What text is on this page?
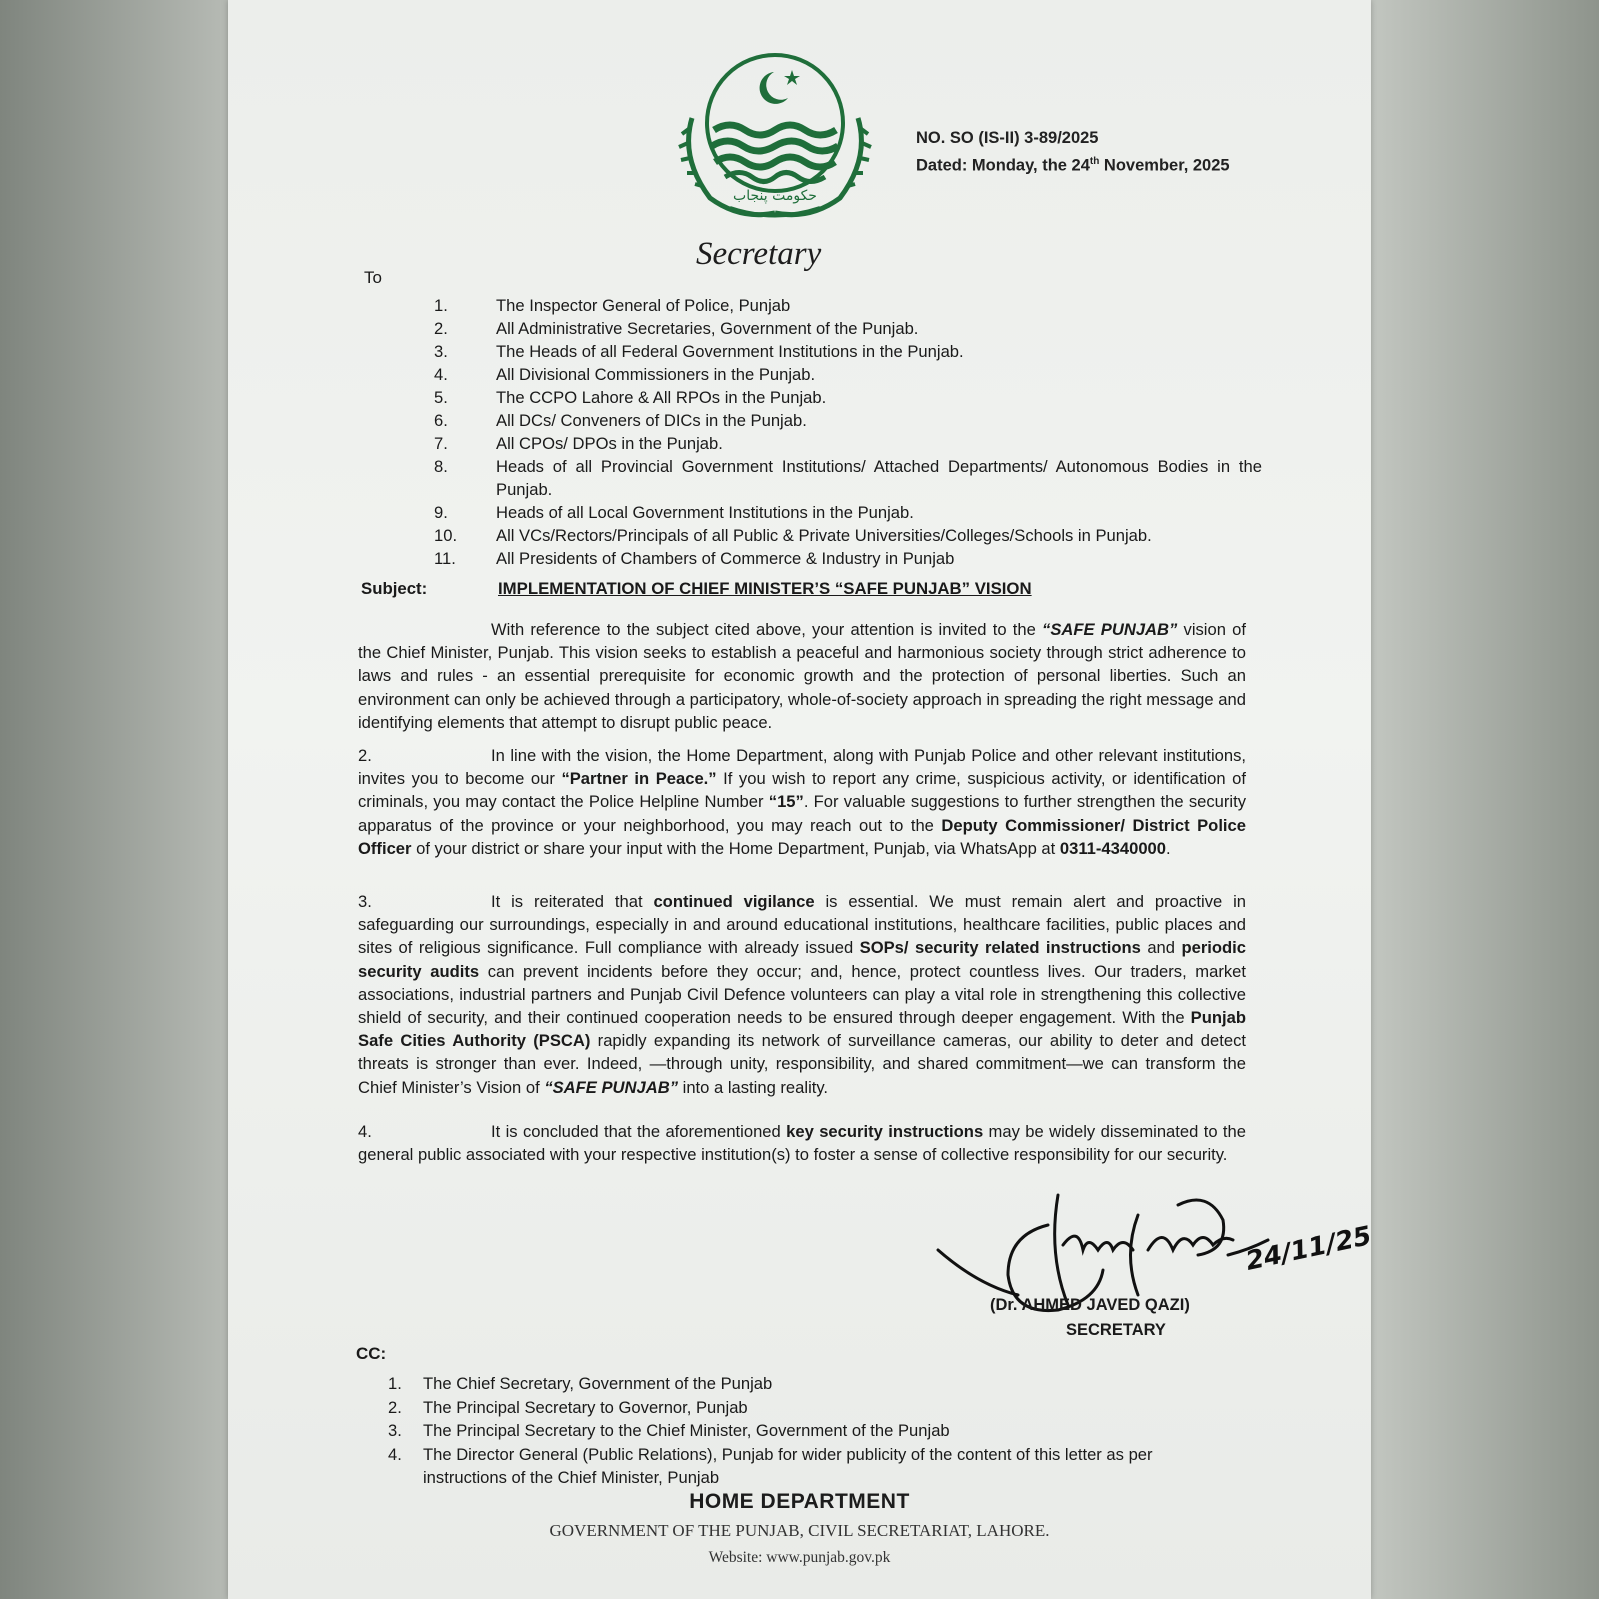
حکومت پنجاب
NO. SO (IS-II) 3-89/2025
Dated: Monday, the 24th November, 2025
Secretary
To
1.	The Inspector General of Police, Punjab
2.	All Administrative Secretaries, Government of the Punjab.
3.	The Heads of all Federal Government Institutions in the Punjab.
4.	All Divisional Commissioners in the Punjab.
5.	The CCPO Lahore & All RPOs in the Punjab.
6.	All DCs/ Conveners of DICs in the Punjab.
7.	All CPOs/ DPOs in the Punjab.
8.	Heads of all Provincial Government Institutions/ Attached Departments/ Autonomous Bodies in the Punjab.
9.	Heads of all Local Government Institutions in the Punjab.
10.	All VCs/Rectors/Principals of all Public & Private Universities/Colleges/Schools in Punjab.
11.	All Presidents of Chambers of Commerce & Industry in Punjab
Subject:	IMPLEMENTATION OF CHIEF MINISTER’S “SAFE PUNJAB” VISION

With reference to the subject cited above, your attention is invited to the “SAFE PUNJAB” vision of the Chief Minister, Punjab. This vision seeks to establish a peaceful and harmonious society through strict adherence to laws and rules - an essential prerequisite for economic growth and the protection of personal liberties. Such an environment can only be achieved through a participatory, whole-of-society approach in spreading the right message and identifying elements that attempt to disrupt public peace.

2.	In line with the vision, the Home Department, along with Punjab Police and other relevant institutions, invites you to become our “Partner in Peace.” If you wish to report any crime, suspicious activity, or identification of criminals, you may contact the Police Helpline Number “15”. For valuable suggestions to further strengthen the security apparatus of the province or your neighborhood, you may reach out to the Deputy Commissioner/ District Police Officer of your district or share your input with the Home Department, Punjab, via WhatsApp at 0311-4340000.

3.	It is reiterated that continued vigilance is essential. We must remain alert and proactive in safeguarding our surroundings, especially in and around educational institutions, healthcare facilities, public places and sites of religious significance. Full compliance with already issued SOPs/ security related instructions and periodic security audits can prevent incidents before they occur; and, hence, protect countless lives. Our traders, market associations, industrial partners and Punjab Civil Defence volunteers can play a vital role in strengthening this collective shield of security, and their continued cooperation needs to be ensured through deeper engagement. With the Punjab Safe Cities Authority (PSCA) rapidly expanding its network of surveillance cameras, our ability to deter and detect threats is stronger than ever. Indeed, —through unity, responsibility, and shared commitment—we can transform the Chief Minister’s Vision of “SAFE PUNJAB” into a lasting reality.

4.	It is concluded that the aforementioned key security instructions may be widely disseminated to the general public associated with your respective institution(s) to foster a sense of collective responsibility for our security.

24/11/25
(Dr. AHMED JAVED QAZI)
SECRETARY
CC:
1.	The Chief Secretary, Government of the Punjab
2.	The Principal Secretary to Governor, Punjab
3.	The Principal Secretary to the Chief Minister, Government of the Punjab
4.	The Director General (Public Relations), Punjab for wider publicity of the content of this letter as per instructions of the Chief Minister, Punjab
HOME DEPARTMENT
GOVERNMENT OF THE PUNJAB, CIVIL SECRETARIAT, LAHORE.
Website: www.punjab.gov.pk
